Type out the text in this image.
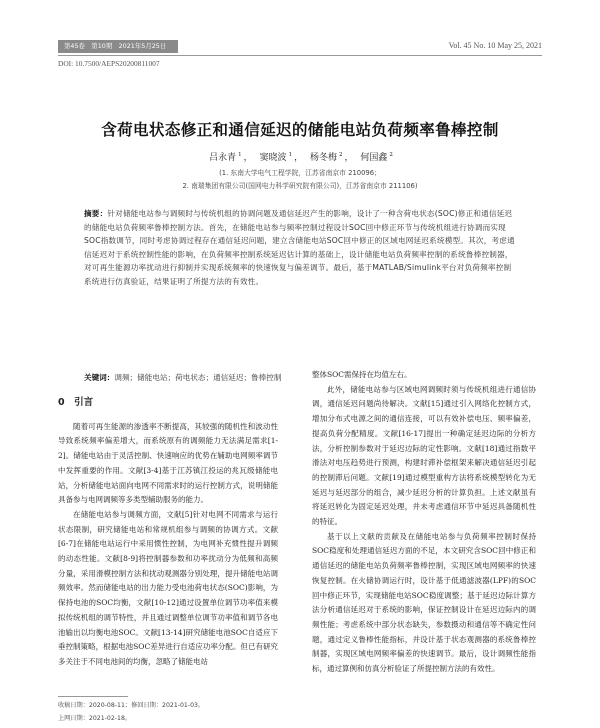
第45卷　第10期　2021年5月25日	Vol. 45 No. 10 May 25, 2021
DOI: 10.7500/AEPS20200811007
含荷电状态修正和通信延迟的储能电站负荷频率鲁棒控制
吕永青 $^1$ ， 窦晓波 $^1$ ， 杨冬梅 $^2$ ， 何国鑫 $^2$
(1. 东南大学电气工程学院，江苏省南京市 210096；
2. 南瑞集团有限公司(国网电力科学研究院有限公司)，江苏省南京市 211106)
摘要：针对储能电站参与调频时与传统机组的协调问题及通信延迟产生的影响，设计了一种含荷电状态(SOC)修正和通信延迟的储能电站负荷频率鲁棒控制方法。首先，在储能电站参与频率控制过程设计SOC回中修正环节与传统机组进行协调而实现SOC指数调节，同时考虑协调过程存在通信延迟问题，建立含储能电站SOC回中修正的区域电网延迟系统模型。其次，考虑通信延迟对于系统控制性能的影响，在负荷频率控制系统延迟估计算的基础上，设计储能电站负荷频率控制的系统鲁棒控制器，对可再生能源功率扰动进行抑制并实现系统频率的快速恢复与偏差调节。最后，基于MATLAB/Simulink平台对负荷频率控制系统进行仿真验证，结果证明了所提方法的有效性。
关键词：调频；储能电站；荷电状态；通信延迟；鲁棒控制
0　引言

随着可再生能源的渗透率不断提高，其较强的随机性和波动性导致系统频率偏差增大，而系统原有的调频能力无法满足需求[1-2]。储能电站由于灵活控制、快速响应的优势在辅助电网频率调节中发挥重要的作用。文献[3-4]基于江苏镇江投运的兆瓦级储能电站，分析储能电站面向电网不同需求时的运行控制方式，说明储能具备参与电网调频等多类型辅助服务的能力。

在储能电站参与调频方面，文献[5]针对电网不同需求与运行状态限制，研究储能电站和常规机组参与调频的协调方式。文献[6-7]在储能电站运行中采用惯性控制，为电网补充惯性提升调频的动态性能。文献[8-9]将控制器参数和功率扰动分为低频和高频分量，采用滑模控制方法和扰动观测器分别处理，提升储能电站调频效率。然而储能电站的出力能力受电池荷电状态(SOC)影响，为保持电池的SOC均衡，文献[10-12]通过设置单位调节功率值来模拟传统机组的调节特性，并且通过调整单位调节功率值和调节各电池输出以均衡电池SOC。文献[13-14]研究储能电池SOC自适应下垂控制策略，根据电池SOC差异进行自适应功率分配。但已有研究多关注于不同电池间的均衡，忽略了储能电站

整体SOC需保持在均值左右。

此外，储能电站参与区域电网调频时须与传统机组进行通信协调，通信延迟问题尚待解决。文献[15]通过引入网络化控制方式，增加分布式电源之间的通信连接，可以有效补偿电压、频率偏差，提高负荷分配精度。文献[16-17]提出一种确定延迟边际的分析方法，分析控制参数对于延迟边际的定性影响。文献[18]通过指数平滑法对电压趋势进行预测，构建时滞补偿框架来解决通信延迟引起的控制滞后问题。文献[19]通过模型重构方法将系统模型转化为无延迟与延迟部分的组合，减少延迟分析的计算负担。上述文献虽有将延迟转化为固定延迟处理，并未考虑通信环节中延迟具备随机性的特征。

基于以上文献的贡献及在储能电站参与负荷频率控制时保持SOC稳度和处理通信延迟方面的不足，本文研究含SOC回中修正和通信延迟的储能电站负荷频率鲁棒控制，实现区域电网频率的快速恢复控制。在火储协调运行时，设计基于低通滤波器(LPF)的SOC回中修正环节，实现储能电站SOC稳度调整；基于延迟边际计算方法分析通信延迟对于系统的影响，保证控制设计在延迟边际内的调频性能；考虑系统中部分状态缺失，参数摄动和通信等不确定性问题，通过定义鲁棒性能指标，并设计基于状态观测器的系统鲁棒控制器，实现区域电网频率偏差的快速调节。最后，设计调频性能指标，通过算例和仿真分析验证了所提控制方法的有效性。

收稿日期：2020-08-11；修回日期：2021-01-03。
上网日期：2021-02-18。
